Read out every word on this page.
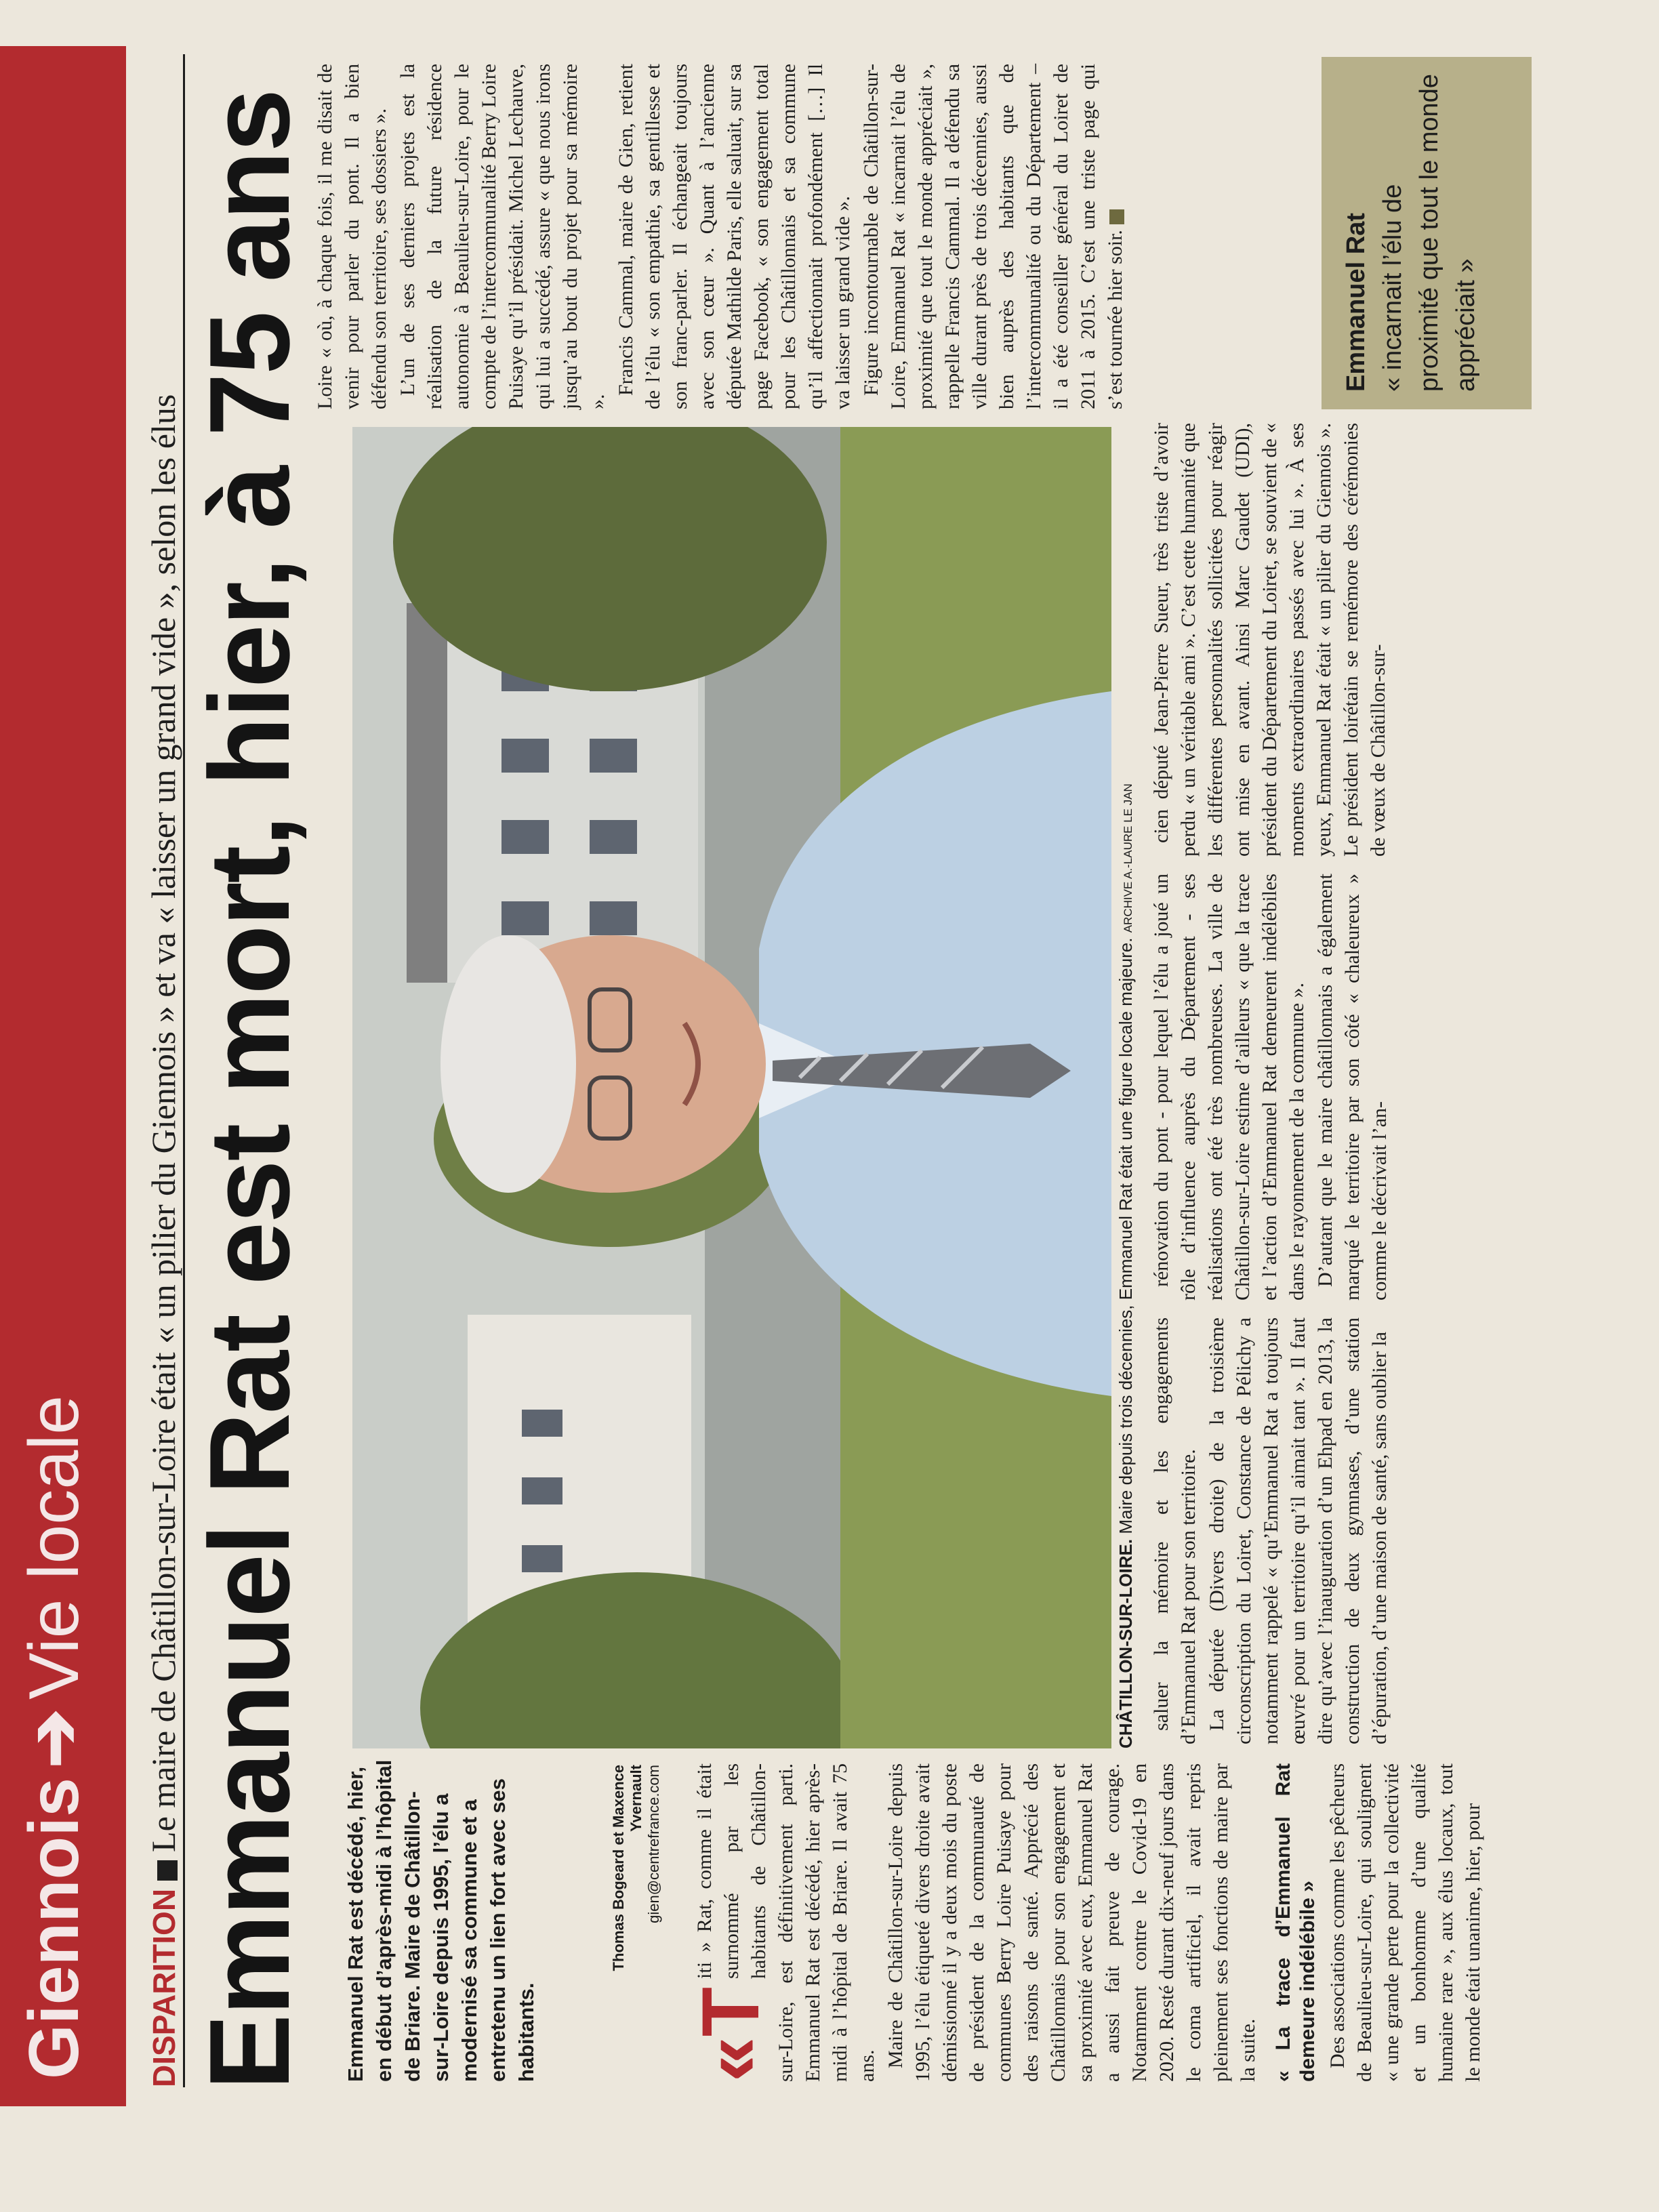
Giennois➔Vie locale
DISPARITIONLe maire de Châtillon-sur-Loire était « un pilier du Giennois » et va « laisser un grand vide », selon les élus Emmanuel Rat est mort, hier, à 75 ans Emmanuel Rat est décédé, hier, en début d’après-midi à l’hôpital de Briare. Maire de Châtillon-sur-Loire depuis 1995, l’élu a modernisé sa commune et a entretenu un lien fort avec ses habitants.
Thomas Bogeard et Maxence Yvernault gien@centrefrance.com
CHÂTILLON-SUR-LOIRE. Maire depuis trois décennies, Emmanuel Rat était une figure locale majeure. ARCHIVE A.-LAURE LE JAN

«T
iti » Rat, comme il était surnommé par les habitants de Châtillon-sur-Loire, est définitivement parti. Emmanuel Rat est décédé, hier après-midi à l’hôpital de Briare. Il avait 75 ans. Maire de Châtillon-sur-Loire depuis 1995, l’élu étiqueté divers droite avait démissionné il y a deux mois du poste de président de la communauté de communes Berry Loire Puisaye pour des raisons de santé. Apprécié des Châtillonnais pour son engagement et sa proximité avec eux, Emmanuel Rat a aussi fait preuve de courage. Notamment contre le Covid-19 en 2020. Resté durant dix-neuf jours dans le coma artificiel, il avait repris pleinement ses fonctions de maire par la suite. « La trace d’Emmanuel Rat demeure indélébile » Des associations comme les pêcheurs de Beaulieu-sur-Loire, qui soulignent « une grande perte pour la collectivité et un bonhomme d’une qualité humaine rare », aux élus locaux, tout le monde était unanime, hier, pour

saluer la mémoire et les engagements d’Emmanuel Rat pour son territoire. La députée (Divers droite) de la troisième circonscription du Loiret, Constance de Pélichy a notamment rappelé « qu’Emmanuel Rat a toujours œuvré pour un territoire qu’il aimait tant ». Il faut dire qu’avec l’inauguration d’un Ehpad en 2013, la construction de deux gymnases, d’une station d’épuration, d’une maison de santé, sans oublier la

rénovation du pont - pour lequel l’élu a joué un rôle d’influence auprès du Département - ses réalisations ont été très nombreuses. La ville de Châtillon-sur-Loire estime d’ailleurs « que la trace et l’action d’Emmanuel Rat demeurent indélébiles dans le rayonnement de la commune ». D’autant que le maire châtillonnais a également marqué le territoire par son côté « chaleureux » comme le décrivait l’an-

cien député Jean-Pierre Sueur, très triste d’avoir perdu « un véritable ami ». C’est cette humanité que les différentes personnalités sollicitées pour réagir ont mise en avant. Ainsi Marc Gaudet (UDI), président du Département du Loiret, se souvient de « moments extraordinaires passés avec lui ». À ses yeux, Emmanuel Rat était « un pilier du Giennois ». Le président loirétain se remémore des cérémonies de vœux de Châtillon-sur-

Loire « où, à chaque fois, il me disait de venir pour parler du pont. Il a bien défendu son territoire, ses dossiers ». L’un de ses derniers projets est la réalisation de la future résidence autonomie à Beaulieu-sur-Loire, pour le compte de l’intercommunalité Berry Loire Puisaye qu’il présidait. Michel Lechauve, qui lui a succédé, assure « que nous irons jusqu’au bout du projet pour sa mémoire ».

Francis Cammal, maire de Gien, retient de l’élu « son empathie, sa gentillesse et son franc-parler. Il échangeait toujours avec son cœur ». Quant à l’ancienne députée Mathilde Paris, elle saluait, sur sa page Facebook, « son engagement total pour les Châtillonnais et sa commune qu’il affectionnait profondément […] Il va laisser un grand vide ». Figure incontournable de Châtillon-sur-Loire, Emmanuel Rat « incarnait l’élu de proximité que tout le monde appréciait », rappelle Francis Cammal. Il a défendu sa ville durant près de trois décennies, aussi bien auprès des habitants que de l’intercommunalité ou du Département – il a été conseiller général du Loiret de 2011 à 2015. C’est une triste page qui s’est tournée hier soir.	Emmanuel Rat « incarnait l’élu de proximité que tout le monde appréciait »
